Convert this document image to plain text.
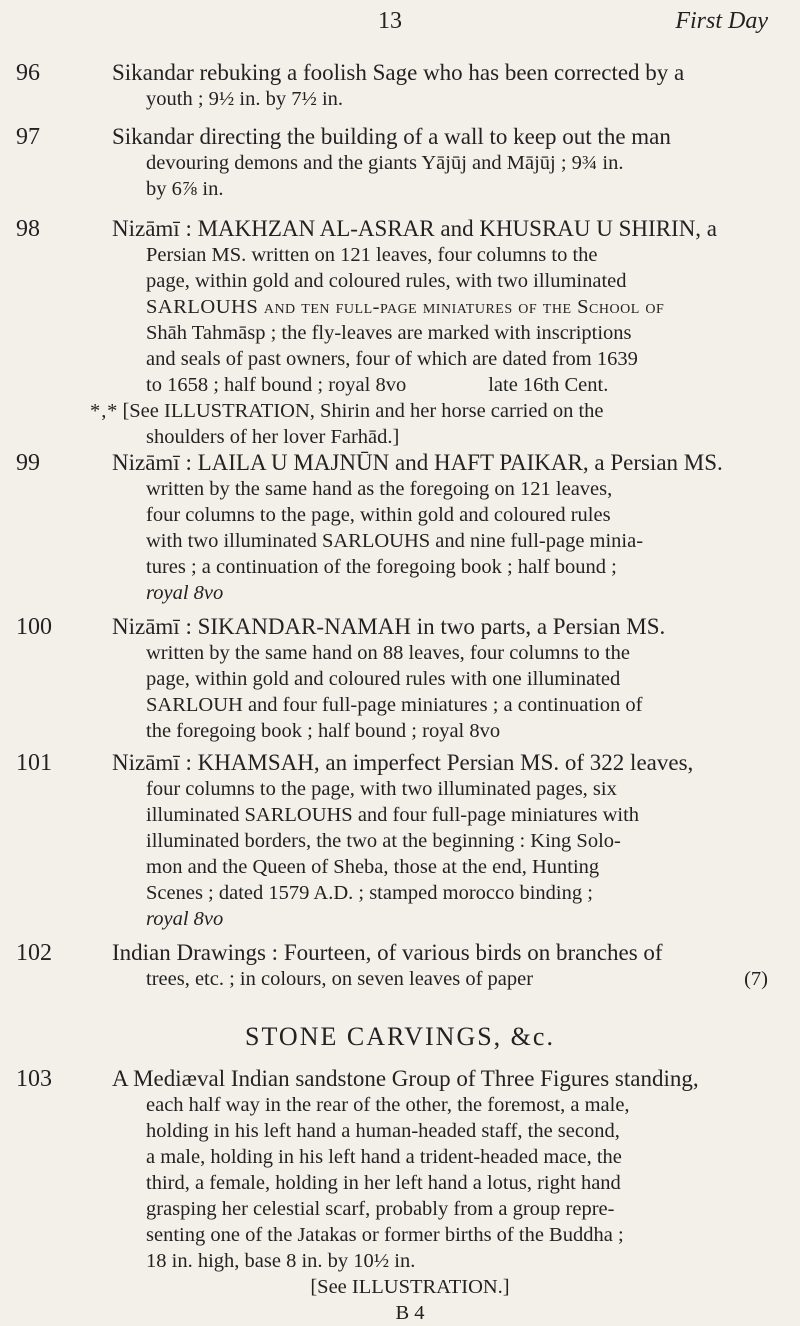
13	First Day
96	Sikandar rebuking a foolish Sage who has been corrected by a
youth ; 9½ in. by 7½ in.
97	Sikandar directing the building of a wall to keep out the man
devouring demons and the giants Yājūj and Mājūj ; 9¾ in.
by 6⅞ in.
98	Nizāmī : MAKHZAN AL-ASRAR and KHUSRAU U SHIRIN, a
Persian MS. written on 121 leaves, four columns to the
page, within gold and coloured rules, with two illuminated
SARLOUHS and ten full-page miniatures of the School of
Shāh Tahmāsp ; the fly-leaves are marked with inscriptions
and seals of past owners, four of which are dated from 1639
to 1658 ; half bound ; royal 8vo                late 16th Cent.
*‚* [See ILLUSTRATION, Shirin and her horse carried on the
shoulders of her lover Farhād.]
99	Nizāmī : LAILA U MAJNŪN and HAFT PAIKAR, a Persian MS.
written by the same hand as the foregoing on 121 leaves,
four columns to the page, within gold and coloured rules
with two illuminated SARLOUHS and nine full-page minia-
tures ; a continuation of the foregoing book ; half bound ;
royal 8vo
100	Nizāmī : SIKANDAR-NAMAH in two parts, a Persian MS.
written by the same hand on 88 leaves, four columns to the
page, within gold and coloured rules with one illuminated
SARLOUH and four full-page miniatures ; a continuation of
the foregoing book ; half bound ; royal 8vo
101	Nizāmī : KHAMSAH, an imperfect Persian MS. of 322 leaves,
four columns to the page, with two illuminated pages, six
illuminated SARLOUHS and four full-page miniatures with
illuminated borders, the two at the beginning : King Solo-
mon and the Queen of Sheba, those at the end, Hunting
Scenes ; dated 1579 A.D. ; stamped morocco binding ;
royal 8vo
102	Indian Drawings : Fourteen, of various birds on branches of
trees, etc. ; in colours, on seven leaves of paper	(7)
STONE CARVINGS, &c.
103	A Mediæval Indian sandstone Group of Three Figures standing,
each half way in the rear of the other, the foremost, a male,
holding in his left hand a human-headed staff, the second,
a male, holding in his left hand a trident-headed mace, the
third, a female, holding in her left hand a lotus, right hand
grasping her celestial scarf, probably from a group repre-
senting one of the Jatakas or former births of the Buddha ;
18 in. high, base 8 in. by 10½ in.
[See ILLUSTRATION.]
B 4
